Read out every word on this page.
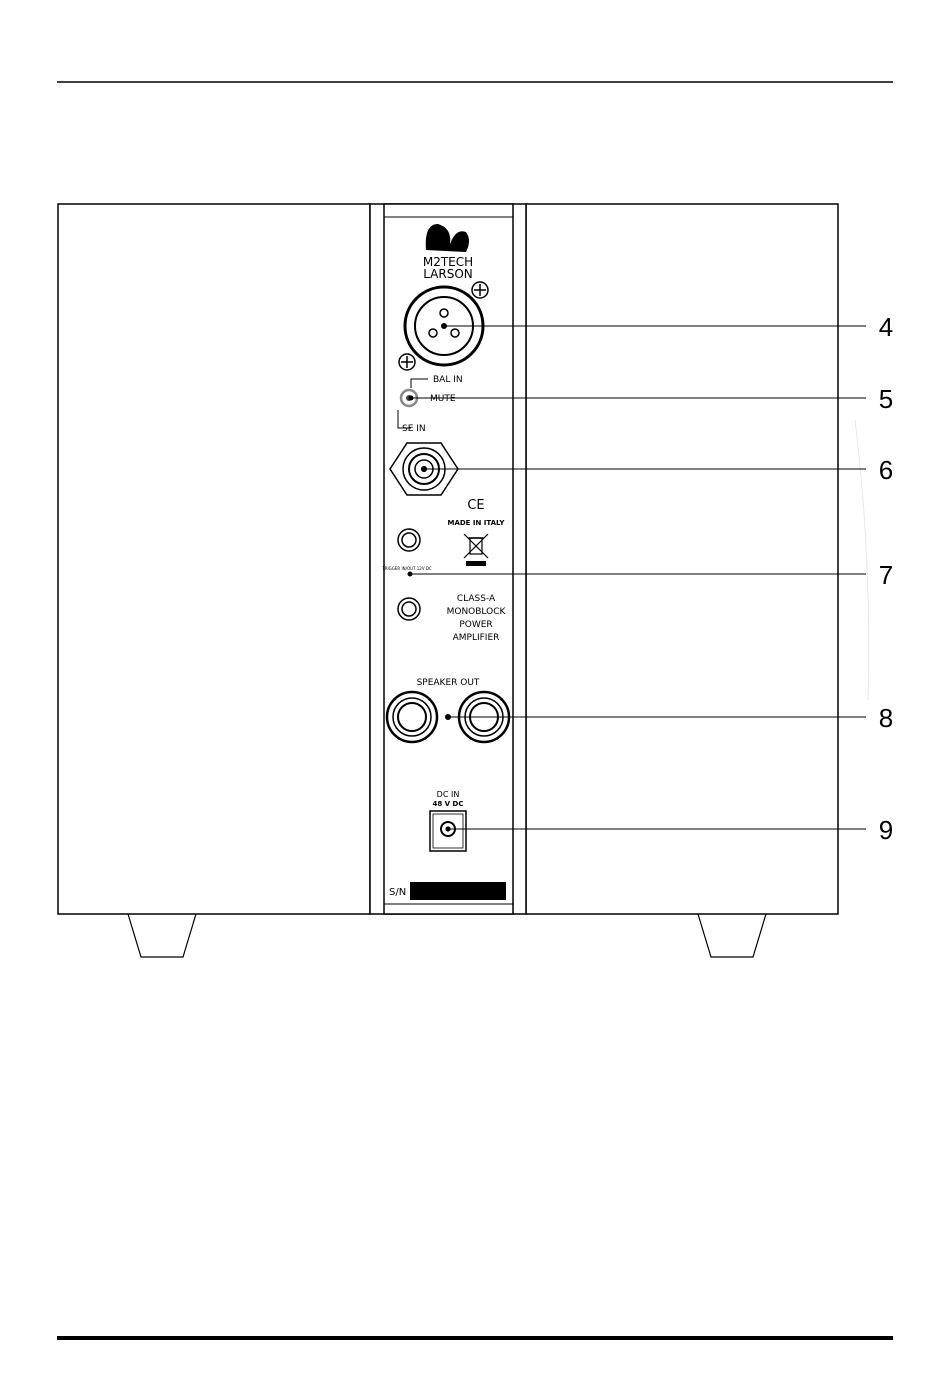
M2TECH
LARSON
BAL IN
MUTE
SE IN
CE
MADE IN ITALY
TRIGGER IN/OUT 12V DC
CLASS-A
MONOBLOCK
POWER
AMPLIFIER
SPEAKER OUT
DC IN
48 V DC
S/N
4
5
6
7
8
9
